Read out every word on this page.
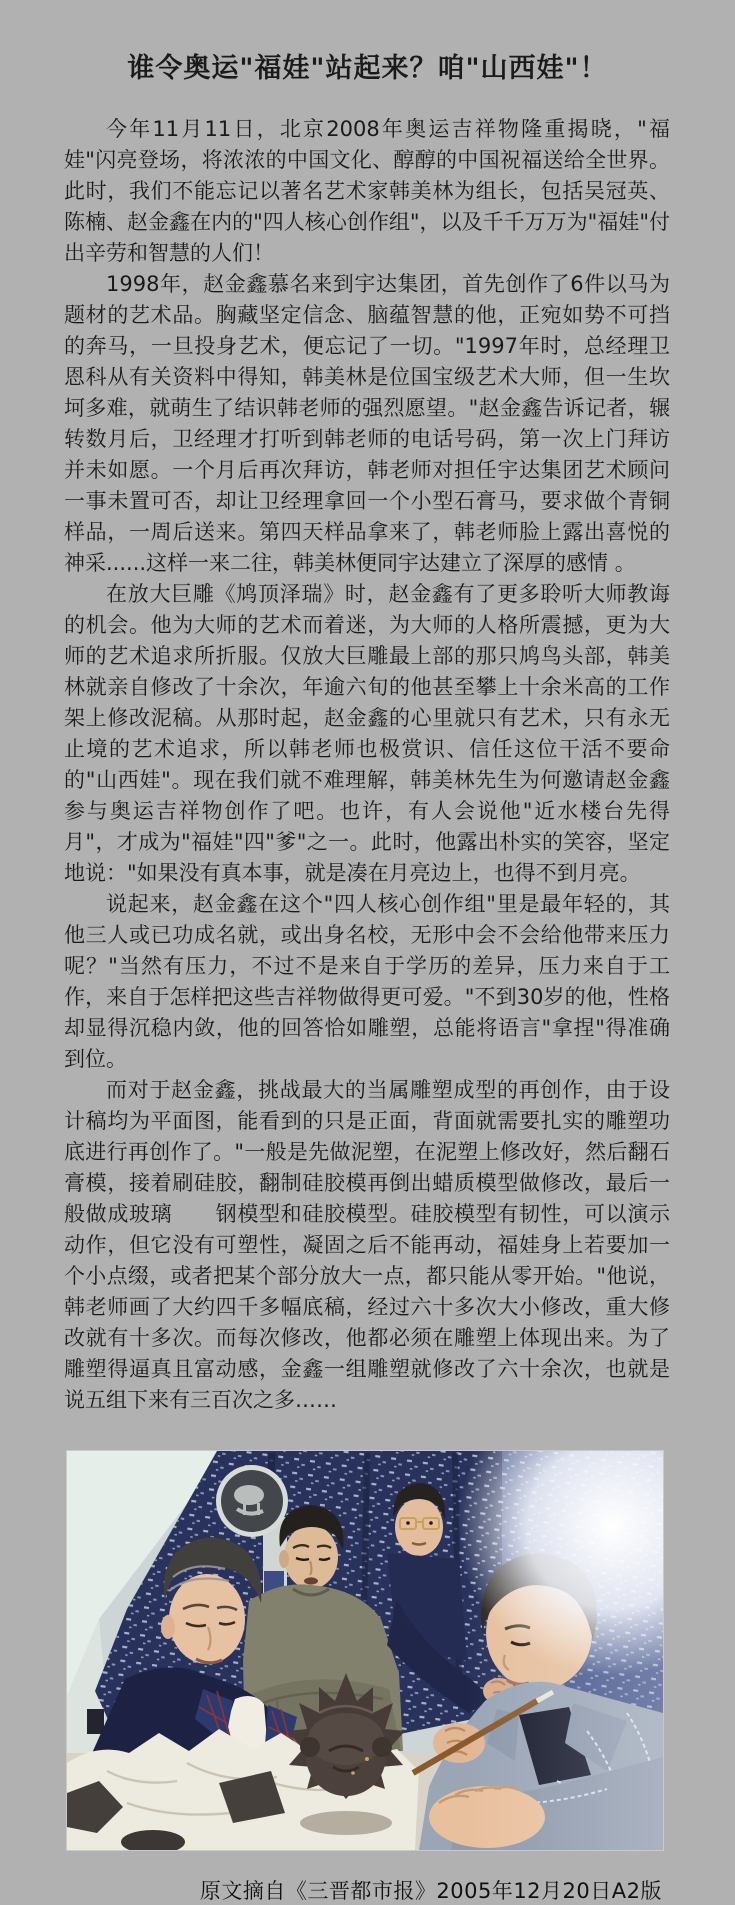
谁令奥运"福娃"站起来？咱"山西娃"！

今年11月11日，北京2008年奥运吉祥物隆重揭晓，"福娃"闪亮登场，将浓浓的中国文化、醇醇的中国祝福送给全世界。此时，我们不能忘记以著名艺术家韩美林为组长，包括吴冠英、陈楠、赵金鑫在内的"四人核心创作组"，以及千千万万为"福娃"付出辛劳和智慧的人们！

1998年，赵金鑫慕名来到宇达集团，首先创作了6件以马为题材的艺术品。胸藏坚定信念、脑蕴智慧的他，正宛如势不可挡的奔马，一旦投身艺术，便忘记了一切。"1997年时，总经理卫恩科从有关资料中得知，韩美林是位国宝级艺术大师，但一生坎坷多难，就萌生了结识韩老师的强烈愿望。"赵金鑫告诉记者，辗转数月后，卫经理才打听到韩老师的电话号码，第一次上门拜访并未如愿。一个月后再次拜访，韩老师对担任宇达集团艺术顾问一事未置可否，却让卫经理拿回一个小型石膏马，要求做个青铜样品，一周后送来。第四天样品拿来了，韩老师脸上露出喜悦的神采......这样一来二往，韩美林便同宇达建立了深厚的感情 。

在放大巨雕《鸠顶泽瑞》时，赵金鑫有了更多聆听大师教诲的机会。他为大师的艺术而着迷，为大师的人格所震撼，更为大师的艺术追求所折服。仅放大巨雕最上部的那只鸠鸟头部，韩美林就亲自修改了十余次，年逾六旬的他甚至攀上十余米高的工作架上修改泥稿。从那时起，赵金鑫的心里就只有艺术，只有永无止境的艺术追求，所以韩老师也极赏识、信任这位干活不要命的"山西娃"。现在我们就不难理解，韩美林先生为何邀请赵金鑫参与奥运吉祥物创作了吧。也许，有人会说他"近水楼台先得月"，才成为"福娃"四"爹"之一。此时，他露出朴实的笑容，坚定地说："如果没有真本事，就是凑在月亮边上，也得不到月亮。

说起来，赵金鑫在这个"四人核心创作组"里是最年轻的，其他三人或已功成名就，或出身名校，无形中会不会给他带来压力呢？"当然有压力，不过不是来自于学历的差异，压力来自于工作，来自于怎样把这些吉祥物做得更可爱。"不到30岁的他，性格却显得沉稳内敛，他的回答恰如雕塑，总能将语言"拿捏"得准确到位。

而对于赵金鑫，挑战最大的当属雕塑成型的再创作，由于设计稿均为平面图，能看到的只是正面，背面就需要扎实的雕塑功底进行再创作了。"一般是先做泥塑，在泥塑上修改好，然后翻石膏模，接着刷硅胶，翻制硅胶模再倒出蜡质模型做修改，最后一般做成玻璃　　钢模型和硅胶模型。硅胶模型有韧性，可以演示动作，但它没有可塑性，凝固之后不能再动，福娃身上若要加一个小点缀，或者把某个部分放大一点，都只能从零开始。"他说，韩老师画了大约四千多幅底稿，经过六十多次大小修改，重大修改就有十多次。而每次修改，他都必须在雕塑上体现出来。为了雕塑得逼真且富动感，金鑫一组雕塑就修改了六十余次，也就是说五组下来有三百次之多……

原文摘自《三晋都市报》2005年12月20日A2版
